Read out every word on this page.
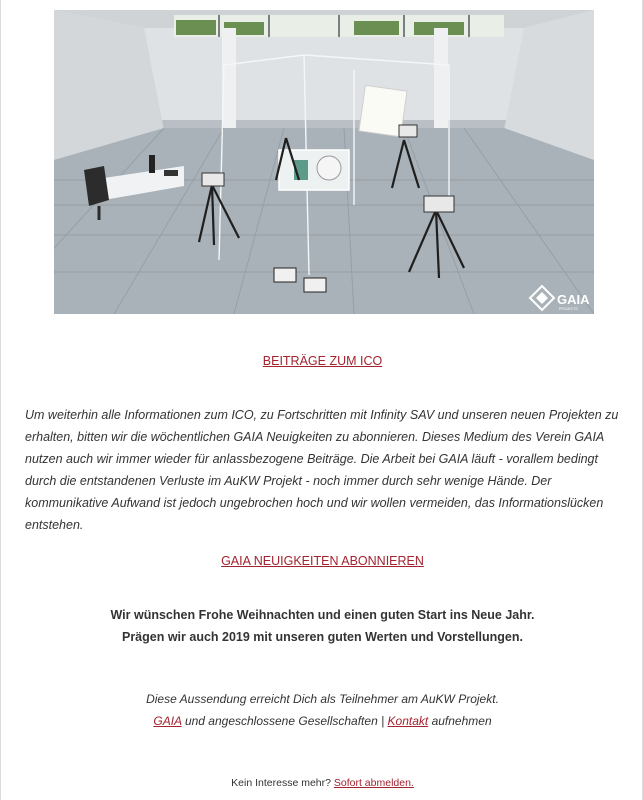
GAIA
PROJECTS
BEITRÄGE ZUM ICO

Um weiterhin alle Informationen zum ICO, zu Fortschritten mit Infinity SAV und unseren neuen Projekten zu erhalten, bitten wir die wöchentlichen GAIA Neuigkeiten zu abonnieren. Dieses Medium des Verein GAIA nutzen auch wir immer wieder für anlassbezogene Beiträge. Die Arbeit bei GAIA läuft - vorallem bedingt durch die entstandenen Verluste im AuKW Projekt - noch immer durch sehr wenige Hände. Der kommunikative Aufwand ist jedoch ungebrochen hoch und wir wollen vermeiden, das Informationslücken entstehen.

GAIA NEUIGKEITEN ABONNIEREN
Wir wünschen Frohe Weihnachten und einen guten Start ins Neue Jahr.
Prägen wir auch 2019 mit unseren guten Werten und Vorstellungen.
Diese Aussendung erreicht Dich als Teilnehmer am AuKW Projekt.
GAIA und angeschlossene Gesellschaften | Kontakt aufnehmen
Kein Interesse mehr? Sofort abmelden.
